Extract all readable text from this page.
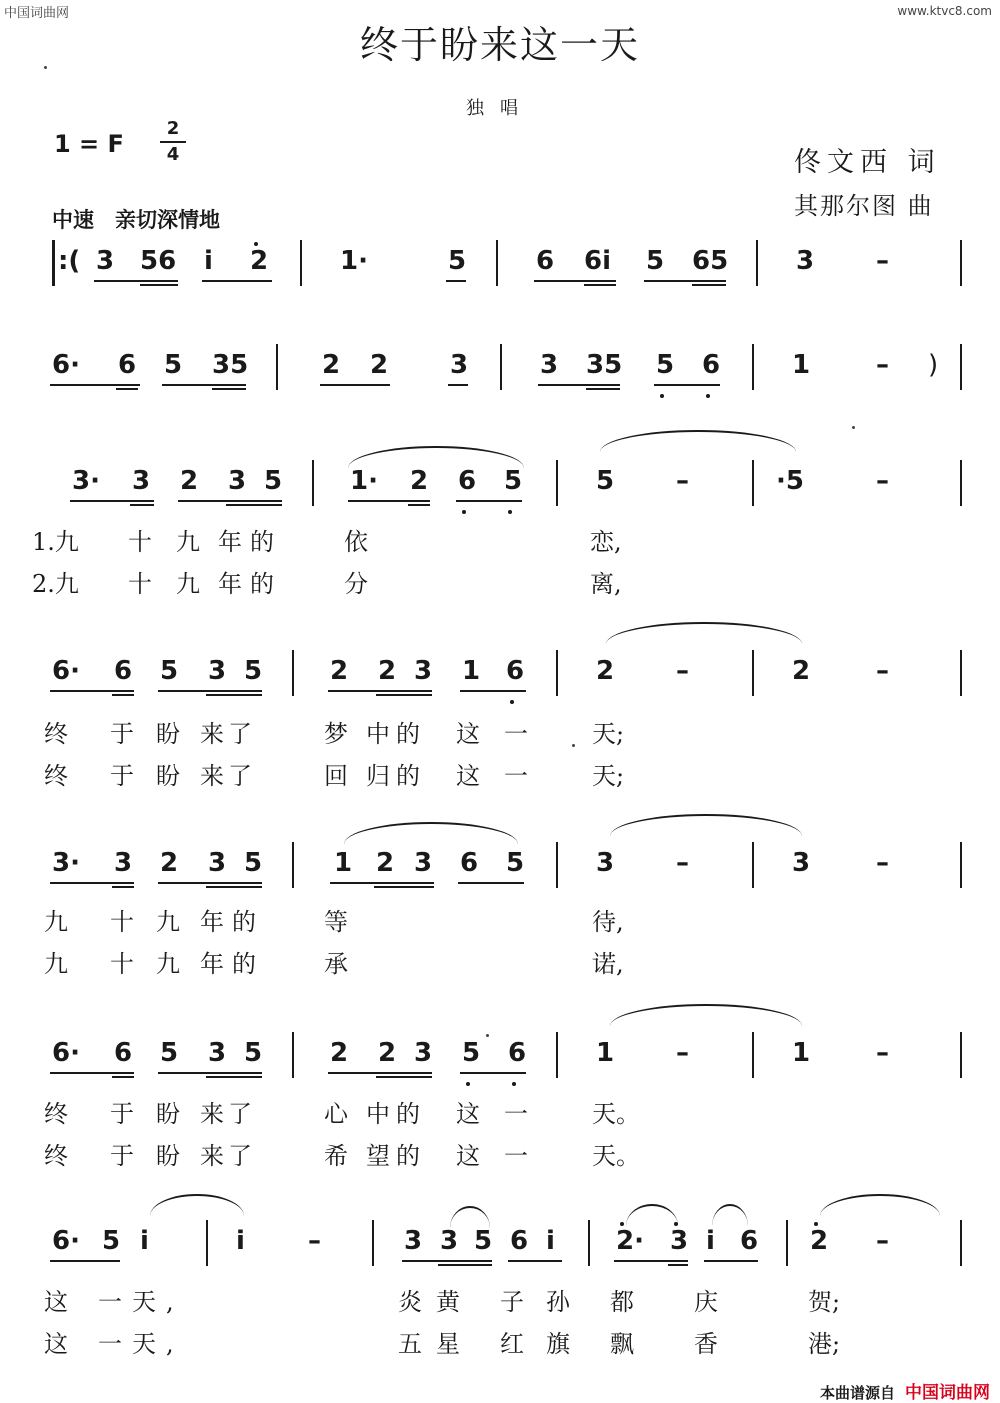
中国词曲网	www.ktvc8.com
终于盼来这一天
独唱
1 = F
2
4	佟文西 词
其那尔图 曲
中速　亲切深情地
:( 3 56 i 2	1·	5	6 6i 5 65	3 –
6· 6 5 35	2 2 3	3 35 5 6	1	– )
3· 3 2 3 5	1· 2 6 5	5 –	·5	–
1.九 十 九 年的	依	恋,
2.九 十 九 年的	分	离,
6· 6 5 3 5	2 2 3 1 6	2 –	2	–
终 于 盼 来了	梦 中的 这 一	天;
终 于 盼 来了	回 归的 这 一	天;
3· 3 2 3 5	1 2 3 6 5	3 –	3	–
九 十 九 年的	等	待,
九 十 九 年的	承	诺,
6· 6 5 3 5	2 2 3 5 6	1 –	1	–
终 于 盼 来了	心 中的 这 一	天。
终 于 盼 来了	希 望的 这 一	天。
6· 5 i	i –	3 3 5 6 i 2· 3 i 6 2 –
这 一天,	炎 黄 子 孙 都	庆	贺;
这 一天,	五 星 红 旗 飘	香	港;
本曲谱源自 中国词曲网
